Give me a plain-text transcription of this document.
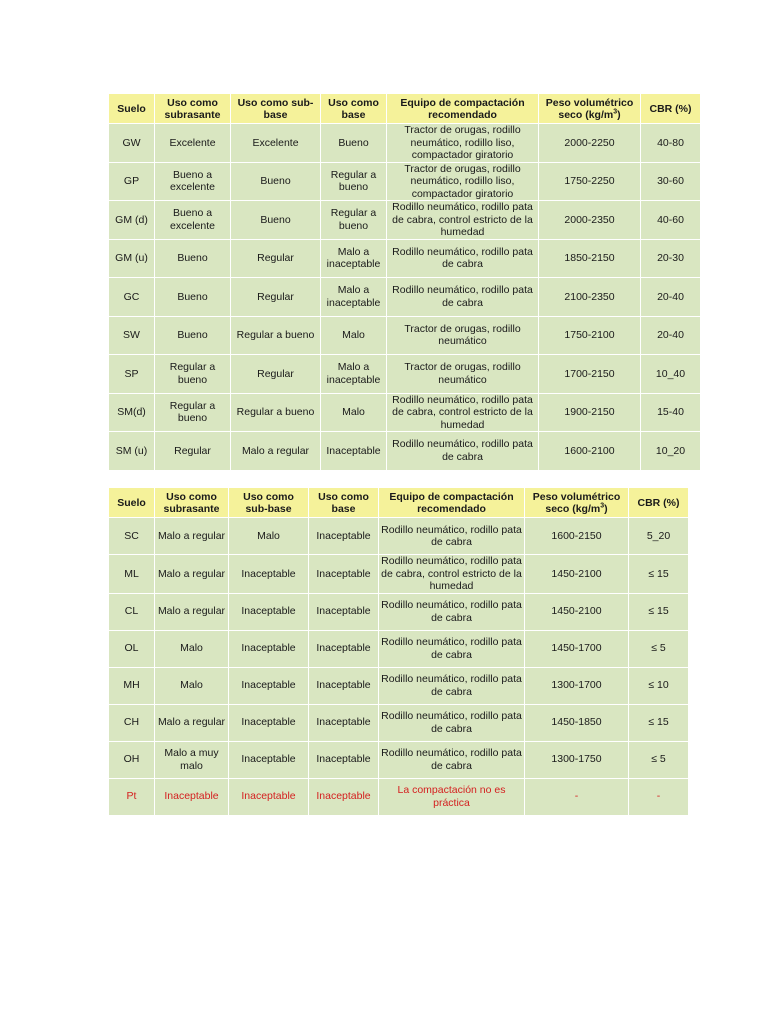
Suelo	Uso como subrasante	Uso como sub-base	Uso como base	Equipo de compactación recomendado	Peso volumétrico seco $(kg/m^3)$	CBR (%)
GW	Excelente	Excelente	Bueno	Tractor de orugas, rodillo neumático, rodillo liso, compactador giratorio	2000-2250	40-80
GP	Bueno a excelente	Bueno	Regular a bueno	Tractor de orugas, rodillo neumático, rodillo liso, compactador giratorio	1750-2250	30-60
GM (d)	Bueno a excelente	Bueno	Regular a bueno	Rodillo neumático, rodillo pata de cabra, control estricto de la humedad	2000-2350	40-60
GM (u)	Bueno	Regular	Malo a inaceptable	Rodillo neumático, rodillo pata de cabra	1850-2150	20-30
GC	Bueno	Regular	Malo a inaceptable	Rodillo neumático, rodillo pata de cabra	2100-2350	20-40
SW	Bueno	Regular a bueno	Malo	Tractor de orugas, rodillo neumático	1750-2100	20-40
SP	Regular a bueno	Regular	Malo a inaceptable	Tractor de orugas, rodillo neumático	1700-2150	10_40
SM(d)	Regular a bueno	Regular a bueno	Malo	Rodillo neumático, rodillo pata de cabra, control estricto de la humedad	1900-2150	15-40
SM (u)	Regular	Malo a regular	Inaceptable	Rodillo neumático, rodillo pata de cabra	1600-2100	10_20
Suelo	Uso como subrasante	Uso como sub-base	Uso como base	Equipo de compactación recomendado	Peso volumétrico seco $(kg/m^3)$	CBR (%)
SC	Malo a regular	Malo	Inaceptable	Rodillo neumático, rodillo pata de cabra	1600-2150	5_20
ML	Malo a regular	Inaceptable	Inaceptable	Rodillo neumático, rodillo pata de cabra, control estricto de la humedad	1450-2100	≤ 15
CL	Malo a regular	Inaceptable	Inaceptable	Rodillo neumático, rodillo pata de cabra	1450-2100	≤ 15
OL	Malo	Inaceptable	Inaceptable	Rodillo neumático, rodillo pata de cabra	1450-1700	≤ 5
MH	Malo	Inaceptable	Inaceptable	Rodillo neumático, rodillo pata de cabra	1300-1700	≤ 10
CH	Malo a regular	Inaceptable	Inaceptable	Rodillo neumático, rodillo pata de cabra	1450-1850	≤ 15
OH	Malo a muy malo	Inaceptable	Inaceptable	Rodillo neumático, rodillo pata de cabra	1300-1750	≤ 5
Pt	Inaceptable	Inaceptable	Inaceptable	La compactación no es práctica	-	-
